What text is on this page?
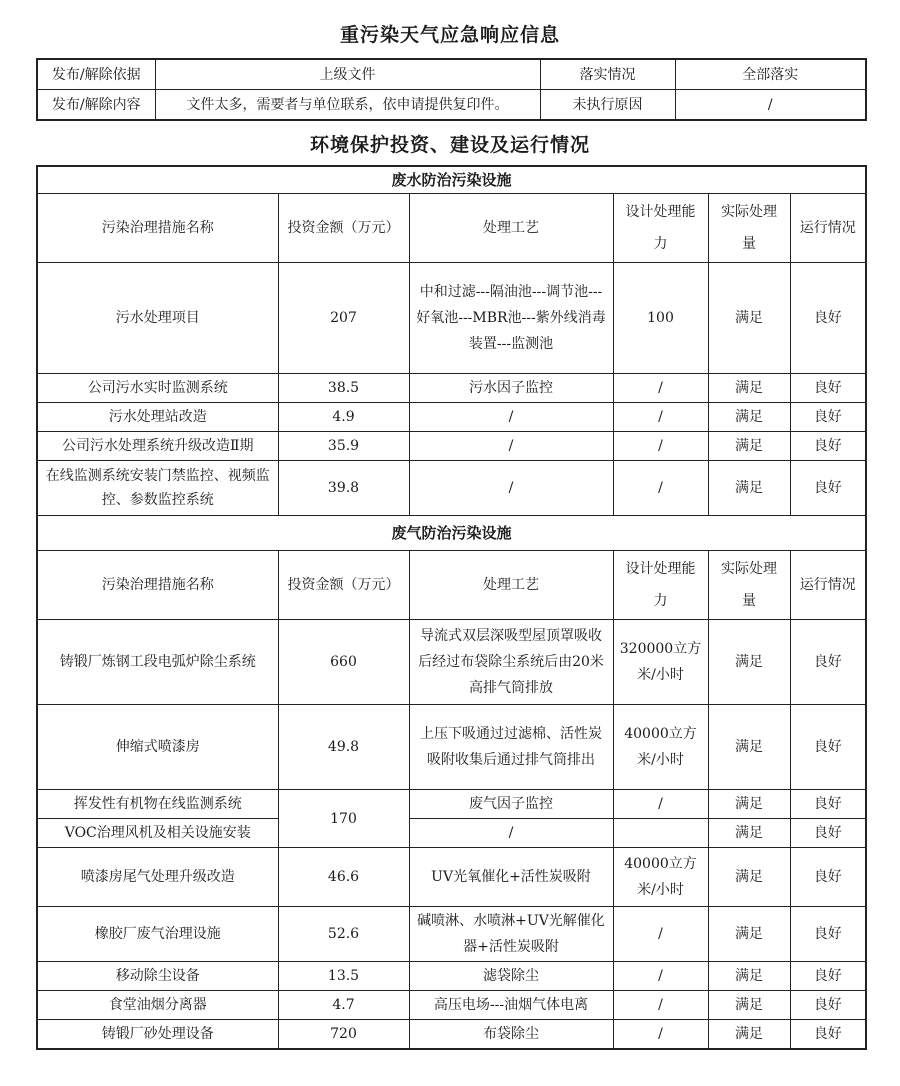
重污染天气应急响应信息
发布/解除依据	上级文件	落实情况	全部落实
发布/解除内容	文件太多，需要者与单位联系，依申请提供复印件。	未执行原因	/
环境保护投资、建设及运行情况
废水防治污染设施					
污染治理措施名称	投资金额（万元）	处理工艺	设计处理能力	实际处理量	运行情况
污水处理项目	207	中和过滤---隔油池---调节池---好氧池---MBR池---紫外线消毒装置---监测池	100	满足	良好
公司污水实时监测系统	38.5	污水因子监控	/	满足	良好
污水处理站改造	4.9	/	/	满足	良好
公司污水处理系统升级改造Ⅱ期	35.9	/	/	满足	良好
在线监测系统安装门禁监控、视频监控、参数监控系统	39.8	/	/	满足	良好
废气防治污染设施					
污染治理措施名称	投资金额（万元）	处理工艺	设计处理能力	实际处理量	运行情况
铸锻厂炼钢工段电弧炉除尘系统	660	导流式双层深吸型屋顶罩吸收后经过布袋除尘系统后由20米高排气筒排放	320000立方米/小时	满足	良好
伸缩式喷漆房	49.8	上压下吸通过过滤棉、活性炭吸附收集后通过排气筒排出	40000立方米/小时	满足	良好
挥发性有机物在线监测系统	170	废气因子监控	/	满足	良好
VOC治理风机及相关设施安装		/		满足	良好
喷漆房尾气处理升级改造	46.6	UV光氧催化+活性炭吸附	40000立方米/小时	满足	良好
橡胶厂废气治理设施	52.6	碱喷淋、水喷淋+UV光解催化器+活性炭吸附	/	满足	良好
移动除尘设备	13.5	滤袋除尘	/	满足	良好
食堂油烟分离器	4.7	高压电场---油烟气体电离	/	满足	良好
铸锻厂砂处理设备	720	布袋除尘	/	满足	良好
